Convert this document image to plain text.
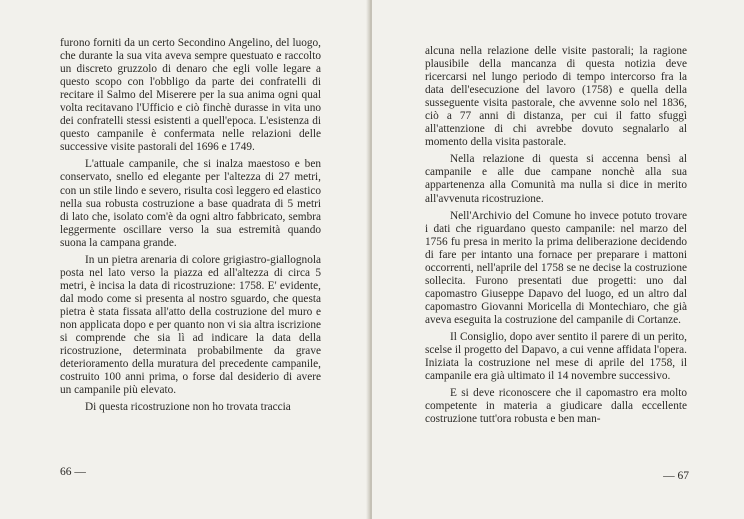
furono forniti da un certo Secondino Angelino, del luogo, che durante la sua vita aveva sempre questuato e raccolto un discreto gruzzolo di denaro che egli volle legare a questo scopo con l'obbligo da parte dei confratelli di recitare il Salmo del Miserere per la sua anima ogni qual volta recitavano l'Ufficio e ciò finchè durasse in vita uno dei confratelli stessi esistenti a quell'epoca. L'esistenza di questo campanile è confermata nelle relazioni delle successive visite pastorali del 1696 e 1749.

L'attuale campanile, che si inalza maestoso e ben conservato, snello ed elegante per l'altezza di 27 metri, con un stile lindo e severo, risulta così leggero ed elastico nella sua robusta costruzione a base quadrata di 5 metri di lato che, isolato com'è da ogni altro fabbricato, sembra leggermente oscillare verso la sua estremità quando suona la campana grande.

In un pietra arenaria di colore grigiastro-giallognola posta nel lato verso la piazza ed all'altezza di circa 5 metri, è incisa la data di ricostruzione: 1758. E' evidente, dal modo come si presenta al nostro sguardo, che questa pietra è stata fissata all'atto della costruzione del muro e non applicata dopo e per quanto non vi sia altra iscrizione si comprende che sia lì ad indicare la data della ricostruzione, determinata probabilmente da grave deterioramento della muratura del precedente campanile, costruito 100 anni prima, o forse dal desiderio di avere un campanile più elevato.

Di questa ricostruzione non ho trovata traccia

66 —

alcuna nella relazione delle visite pastorali; la ragione plausibile della mancanza di questa notizia deve ricercarsi nel lungo periodo di tempo intercorso fra la data dell'esecuzione del lavoro (1758) e quella della susseguente visita pastorale, che avvenne solo nel 1836, ciò a 77 anni di distanza, per cui il fatto sfuggì all'attenzione di chi avrebbe dovuto segnalarlo al momento della visita pastorale.

Nella relazione di questa si accenna bensì al campanile e alle due campane nonchè alla sua appartenenza alla Comunità ma nulla si dice in merito all'avvenuta ricostruzione.

Nell'Archivio del Comune ho invece potuto trovare i dati che riguardano questo campanile: nel marzo del 1756 fu presa in merito la prima deliberazione decidendo di fare per intanto una fornace per preparare i mattoni occorrenti, nell'aprile del 1758 se ne decise la costruzione sollecita. Furono presentati due progetti: uno dal capomastro Giuseppe Dapavo del luogo, ed un altro dal capomastro Giovanni Moricella di Montechiaro, che già aveva eseguita la costruzione del campanile di Cortanze.

Il Consiglio, dopo aver sentito il parere di un perito, scelse il progetto del Dapavo, a cui venne affidata l'opera. Iniziata la costruzione nel mese di aprile del 1758, il campanile era già ultimato il 14 novembre successivo.

E si deve riconoscere che il capomastro era molto competente in materia a giudicare dalla eccellente costruzione tutt'ora robusta e ben man-

— 67
